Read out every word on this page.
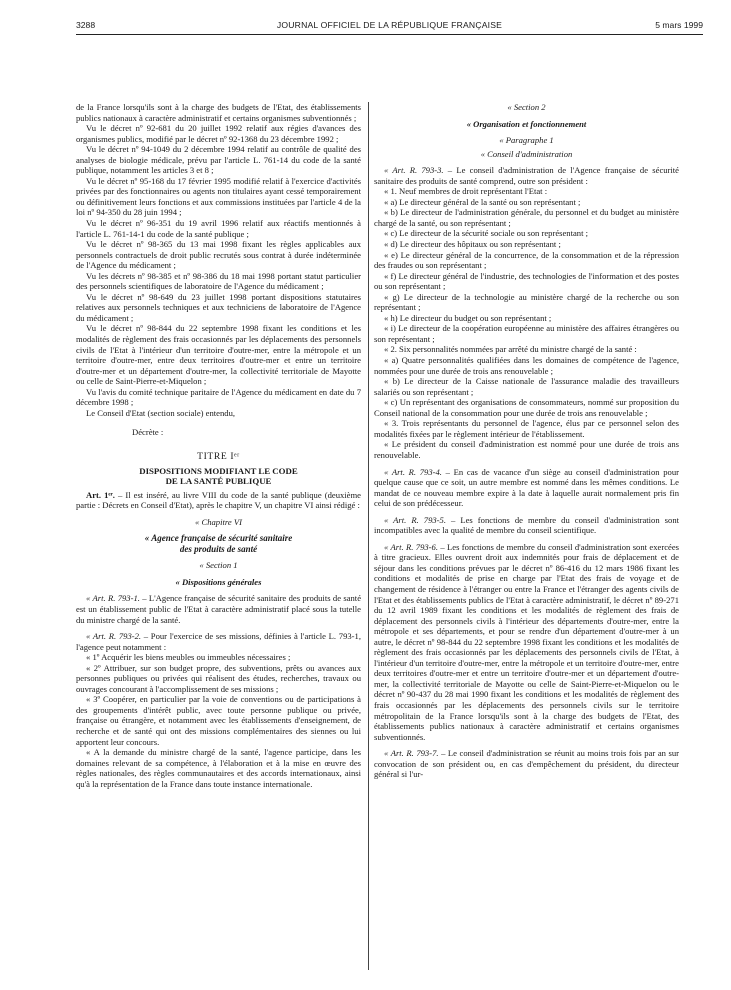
3288	JOURNAL OFFICIEL DE LA RÉPUBLIQUE FRANÇAISE	5 mars 1999

de la France lorsqu'ils sont à la charge des budgets de l'Etat, des établissements publics nationaux à caractère administratif et certains organismes subventionnés ;

Vu le décret nº 92-681 du 20 juillet 1992 relatif aux régies d'avances des organismes publics, modifié par le décret nº 92-1368 du 23 décembre 1992 ;

Vu le décret nº 94-1049 du 2 décembre 1994 relatif au contrôle de qualité des analyses de biologie médicale, prévu par l'article L. 761-14 du code de la santé publique, notamment les articles 3 et 8 ;

Vu le décret nº 95-168 du 17 février 1995 modifié relatif à l'exercice d'activités privées par des fonctionnaires ou agents non titulaires ayant cessé temporairement ou définitivement leurs fonctions et aux commissions instituées par l'article 4 de la loi nº 94-350 du 28 juin 1994 ;

Vu le décret nº 96-351 du 19 avril 1996 relatif aux réactifs mentionnés à l'article L. 761-14-1 du code de la santé publique ;

Vu le décret nº 98-365 du 13 mai 1998 fixant les règles applicables aux personnels contractuels de droit public recrutés sous contrat à durée indéterminée de l'Agence du médicament ;

Vu les décrets nº 98-385 et nº 98-386 du 18 mai 1998 portant statut particulier des personnels scientifiques de laboratoire de l'Agence du médicament ;

Vu le décret nº 98-649 du 23 juillet 1998 portant dispositions statutaires relatives aux personnels techniques et aux techniciens de laboratoire de l'Agence du médicament ;

Vu le décret nº 98-844 du 22 septembre 1998 fixant les conditions et les modalités de règlement des frais occasionnés par les déplacements des personnels civils de l'Etat à l'intérieur d'un territoire d'outre-mer, entre la métropole et un territoire d'outre-mer, entre deux territoires d'outre-mer et entre un territoire d'outre-mer et un département d'outre-mer, la collectivité territoriale de Mayotte ou celle de Saint-Pierre-et-Miquelon ;

Vu l'avis du comité technique paritaire de l'Agence du médicament en date du 7 décembre 1998 ;

Le Conseil d'Etat (section sociale) entendu,

Décrète :

TITRE Iᵉʳ

DISPOSITIONS MODIFIANT LE CODE

DE LA SANTÉ PUBLIQUE

Art. 1ᵉʳ. – Il est inséré, au livre VIII du code de la santé publique (deuxième partie : Décrets en Conseil d'Etat), après le chapitre V, un chapitre VI ainsi rédigé :

« Chapitre VI

« Agence française de sécurité sanitaire

des produits de santé

« Section 1

« Dispositions générales

« Art. R. 793-1. – L'Agence française de sécurité sanitaire des produits de santé est un établissement public de l'Etat à caractère administratif placé sous la tutelle du ministre chargé de la santé.

« Art. R. 793-2. – Pour l'exercice de ses missions, définies à l'article L. 793-1, l'agence peut notamment :

« 1º Acquérir les biens meubles ou immeubles nécessaires ;

« 2º Attribuer, sur son budget propre, des subventions, prêts ou avances aux personnes publiques ou privées qui réalisent des études, recherches, travaux ou ouvrages concourant à l'accomplissement de ses missions ;

« 3º Coopérer, en particulier par la voie de conventions ou de participations à des groupements d'intérêt public, avec toute personne publique ou privée, française ou étrangère, et notamment avec les établissements d'enseignement, de recherche et de santé qui ont des missions complémentaires des siennes ou lui apportent leur concours.

« A la demande du ministre chargé de la santé, l'agence participe, dans les domaines relevant de sa compétence, à l'élaboration et à la mise en œuvre des règles nationales, des règles communautaires et des accords internationaux, ainsi qu'à la représentation de la France dans toute instance internationale.

« Section 2

« Organisation et fonctionnement

« Paragraphe 1

« Conseil d'administration

« Art. R. 793-3. – Le conseil d'administration de l'Agence française de sécurité sanitaire des produits de santé comprend, outre son président :

« 1. Neuf membres de droit représentant l'Etat :

« a) Le directeur général de la santé ou son représentant ;

« b) Le directeur de l'administration générale, du personnel et du budget au ministère chargé de la santé, ou son représentant ;

« c) Le directeur de la sécurité sociale ou son représentant ;

« d) Le directeur des hôpitaux ou son représentant ;

« e) Le directeur général de la concurrence, de la consommation et de la répression des fraudes ou son représentant ;

« f) Le directeur général de l'industrie, des technologies de l'information et des postes ou son représentant ;

« g) Le directeur de la technologie au ministère chargé de la recherche ou son représentant ;

« h) Le directeur du budget ou son représentant ;

« i) Le directeur de la coopération européenne au ministère des affaires étrangères ou son représentant ;

« 2. Six personnalités nommées par arrêté du ministre chargé de la santé :

« a) Quatre personnalités qualifiées dans les domaines de compétence de l'agence, nommées pour une durée de trois ans renouvelable ;

« b) Le directeur de la Caisse nationale de l'assurance maladie des travailleurs salariés ou son représentant ;

« c) Un représentant des organisations de consommateurs, nommé sur proposition du Conseil national de la consommation pour une durée de trois ans renouvelable ;

« 3. Trois représentants du personnel de l'agence, élus par ce personnel selon des modalités fixées par le règlement intérieur de l'établissement.

« Le président du conseil d'administration est nommé pour une durée de trois ans renouvelable.

« Art. R. 793-4. – En cas de vacance d'un siège au conseil d'administration pour quelque cause que ce soit, un autre membre est nommé dans les mêmes conditions. Le mandat de ce nouveau membre expire à la date à laquelle aurait normalement pris fin celui de son prédécesseur.

« Art. R. 793-5. – Les fonctions de membre du conseil d'administration sont incompatibles avec la qualité de membre du conseil scientifique.

« Art. R. 793-6. – Les fonctions de membre du conseil d'administration sont exercées à titre gracieux. Elles ouvrent droit aux indemnités pour frais de déplacement et de séjour dans les conditions prévues par le décret nº 86-416 du 12 mars 1986 fixant les conditions et modalités de prise en charge par l'Etat des frais de voyage et de changement de résidence à l'étranger ou entre la France et l'étranger des agents civils de l'Etat et des établissements publics de l'Etat à caractère administratif, le décret nº 89-271 du 12 avril 1989 fixant les conditions et les modalités de règlement des frais de déplacement des personnels civils à l'intérieur des départements d'outre-mer, entre la métropole et ses départements, et pour se rendre d'un département d'outre-mer à un autre, le décret nº 98-844 du 22 septembre 1998 fixant les conditions et les modalités de règlement des frais occasionnés par les déplacements des personnels civils de l'Etat, à l'intérieur d'un territoire d'outre-mer, entre la métropole et un territoire d'outre-mer, entre deux territoires d'outre-mer et entre un territoire d'outre-mer et un département d'outre-mer, la collectivité territoriale de Mayotte ou celle de Saint-Pierre-et-Miquelon ou le décret nº 90-437 du 28 mai 1990 fixant les conditions et les modalités de règlement des frais occasionnés par les déplacements des personnels civils sur le territoire métropolitain de la France lorsqu'ils sont à la charge des budgets de l'Etat, des établissements publics nationaux à caractère administratif et certains organismes subventionnés.

« Art. R. 793-7. – Le conseil d'administration se réunit au moins trois fois par an sur convocation de son président ou, en cas d'empêchement du président, du directeur général si l'ur-
